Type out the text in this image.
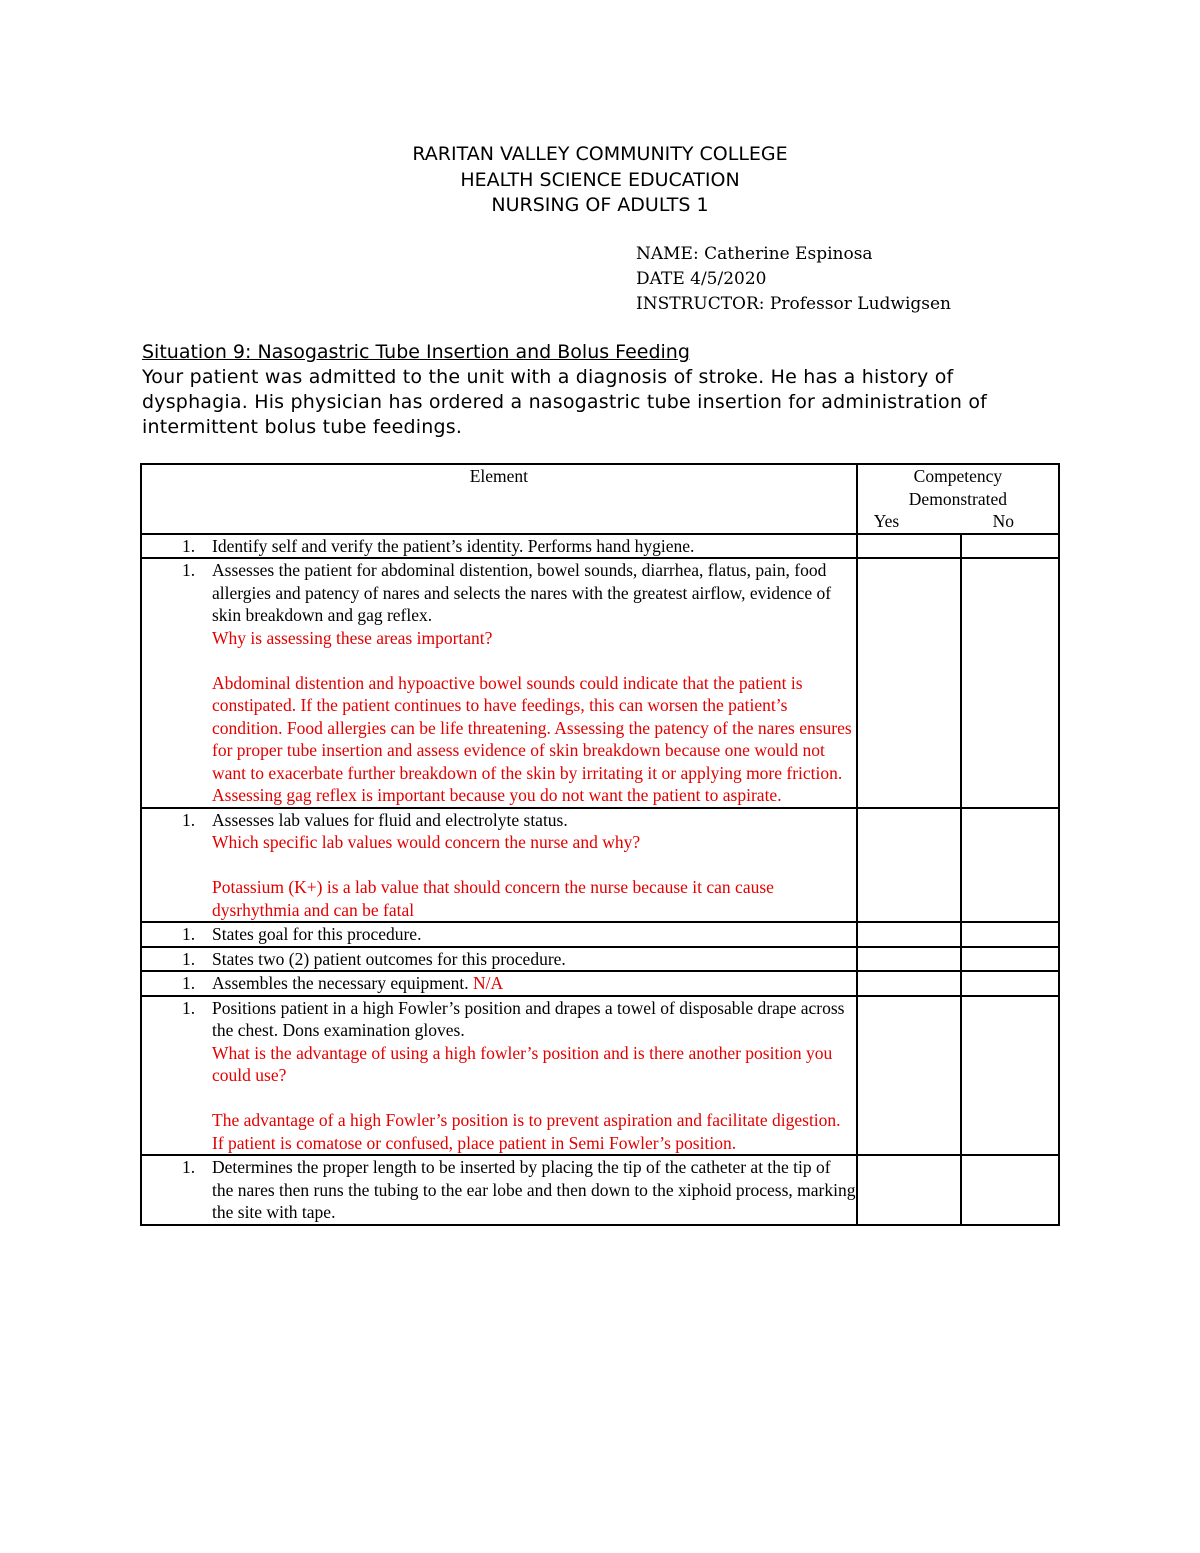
RARITAN VALLEY COMMUNITY COLLEGE
HEALTH SCIENCE EDUCATION
NURSING OF ADULTS 1
NAME: Catherine Espinosa
DATE 4/5/2020
INSTRUCTOR: Professor Ludwigsen
Situation 9: Nasogastric Tube Insertion and Bolus Feeding
Your patient was admitted to the unit with a diagnosis of stroke. He has a history of dysphagia. His physician has ordered a nasogastric tube insertion for administration of intermittent bolus tube feedings.
Element	Competency
Demonstrated
Yes No	

1. Identify self and verify the patient’s identity. Performs hand hygiene.		

1. Assesses the patient for abdominal distention, bowel sounds, diarrhea, flatus, pain, food allergies and patency of nares and selects the nares with the greatest airflow, evidence of skin breakdown and gag reflex.
Why is assessing these areas important?
Abdominal distention and hypoactive bowel sounds could indicate that the patient is constipated. If the patient continues to have feedings, this can worsen the patient’s condition. Food allergies can be life threatening. Assessing the patency of the nares ensures for proper tube insertion and assess evidence of skin breakdown because one would not want to exacerbate further breakdown of the skin by irritating it or applying more friction. Assessing gag reflex is important because you do not want the patient to aspirate.		

1. Assesses lab values for fluid and electrolyte status.
Which specific lab values would concern the nurse and why?
Potassium (K+) is a lab value that should concern the nurse because it can cause dysrhythmia and can be fatal		

1. States goal for this procedure.		

1. States two (2) patient outcomes for this procedure.		

1. Assembles the necessary equipment. N/A		

1. Positions patient in a high Fowler’s position and drapes a towel of disposable drape across the chest. Dons examination gloves.
What is the advantage of using a high fowler’s position and is there another position you could use?
The advantage of a high Fowler’s position is to prevent aspiration and facilitate digestion. If patient is comatose or confused, place patient in Semi Fowler’s position.		

1. Determines the proper length to be inserted by placing the tip of the catheter at the tip of the nares then runs the tubing to the ear lobe and then down to the xiphoid process, marking the site with tape.		
